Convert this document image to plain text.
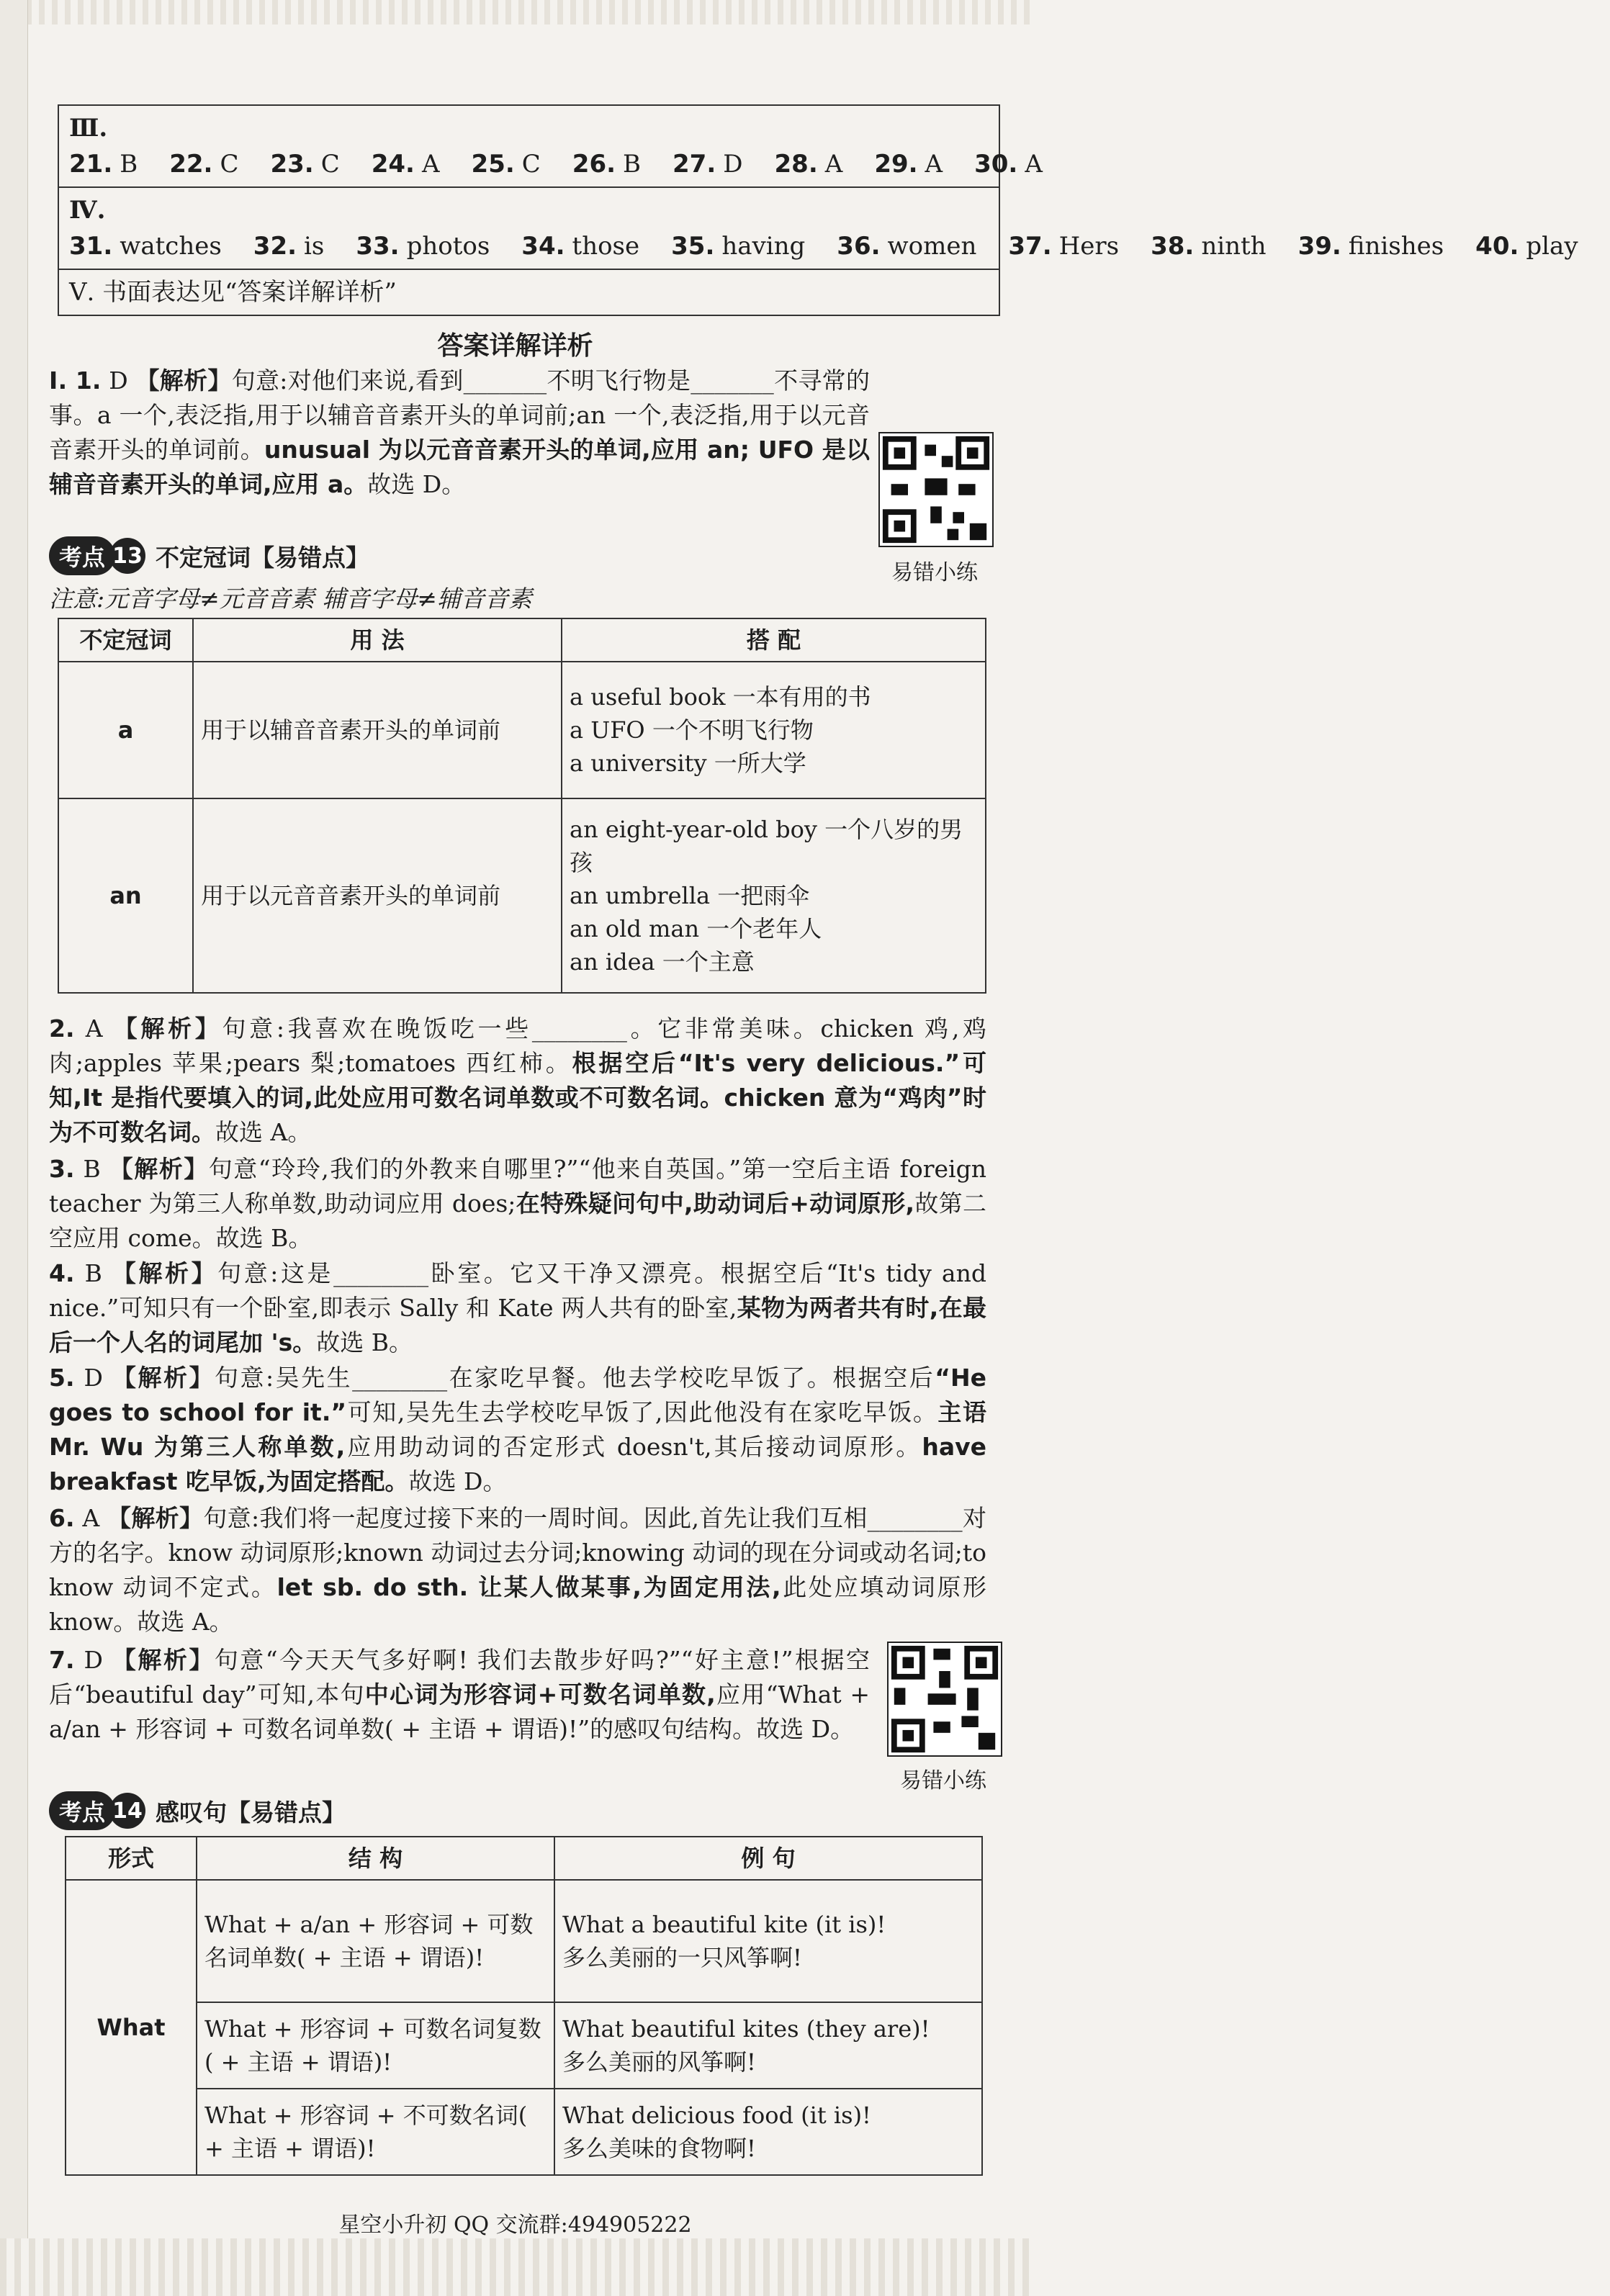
Ⅲ. 21. B 22. C 23. C 24. A 25. C 26. B 27. D 28. A 29. A 30. A
Ⅳ. 31. watches 32. is 33. photos 34. those 35. having 36. women 37. Hers 38. ninth 39. finishes 40. play
Ⅴ. 书面表达见“答案详解详析”
答案详解详析
Ⅰ. 1. D 【解析】句意:对他们来说,看到_______不明飞行物是_______不寻常的事。a 一个,表泛指,用于以辅音音素开头的单词前;an 一个,表泛指,用于以元音音素开头的单词前。unusual 为以元音音素开头的单词,应用 an; UFO 是以辅音音素开头的单词,应用 a。故选 D。
易错小练
考点 13 不定冠词【易错点】
注意:元音字母≠元音音素 辅音字母≠辅音音素
不定冠词	用 法	搭 配
a	用于以辅音音素开头的单词前	a useful book 一本有用的书
a UFO 一个不明飞行物
a university 一所大学

an	用于以元音音素开头的单词前	an eight-year-old boy 一个八岁的男孩
an umbrella 一把雨伞
an old man 一个老年人
an idea 一个主意
2. A 【解析】句意:我喜欢在晚饭吃一些________。它非常美味。chicken 鸡,鸡肉;apples 苹果;pears 梨;tomatoes 西红柿。根据空后“It's very delicious.”可知,It 是指代要填入的词,此处应用可数名词单数或不可数名词。chicken 意为“鸡肉”时为不可数名词。故选 A。
3. B 【解析】句意“玲玲,我们的外教来自哪里?”“他来自英国。”第一空后主语 foreign teacher 为第三人称单数,助动词应用 does;在特殊疑问句中,助动词后+动词原形,故第二空应用 come。故选 B。
4. B 【解析】句意:这是________卧室。它又干净又漂亮。根据空后“It's tidy and nice.”可知只有一个卧室,即表示 Sally 和 Kate 两人共有的卧室,某物为两者共有时,在最后一个人名的词尾加 's。故选 B。
5. D 【解析】句意:吴先生________在家吃早餐。他去学校吃早饭了。根据空后“He goes to school for it.”可知,吴先生去学校吃早饭了,因此他没有在家吃早饭。主语 Mr. Wu 为第三人称单数,应用助动词的否定形式 doesn't,其后接动词原形。have breakfast 吃早饭,为固定搭配。故选 D。
6. A 【解析】句意:我们将一起度过接下来的一周时间。因此,首先让我们互相________对方的名字。know 动词原形;known 动词过去分词;knowing 动词的现在分词或动名词;to know 动词不定式。let sb. do sth. 让某人做某事,为固定用法,此处应填动词原形 know。故选 A。
7. D 【解析】句意“今天天气多好啊! 我们去散步好吗?”“好主意!”根据空后“beautiful day”可知,本句中心词为形容词+可数名词单数,应用“What + a/an + 形容词 + 可数名词单数( + 主语 + 谓语)!”的感叹句结构。故选 D。
易错小练
考点 14 感叹句【易错点】
形式	结 构	例 句
What	What + a/an + 形容词 + 可数名词单数( + 主语 + 谓语)!	What a beautiful kite (it is)!
多么美丽的一只风筝啊!

	What + 形容词 + 可数名词复数( + 主语 + 谓语)!	What beautiful kites (they are)!
多么美丽的风筝啊!

	What + 形容词 + 不可数名词( + 主语 + 谓语)!	What delicious food (it is)!
多么美味的食物啊!
星空小升初 QQ 交流群:494905222
